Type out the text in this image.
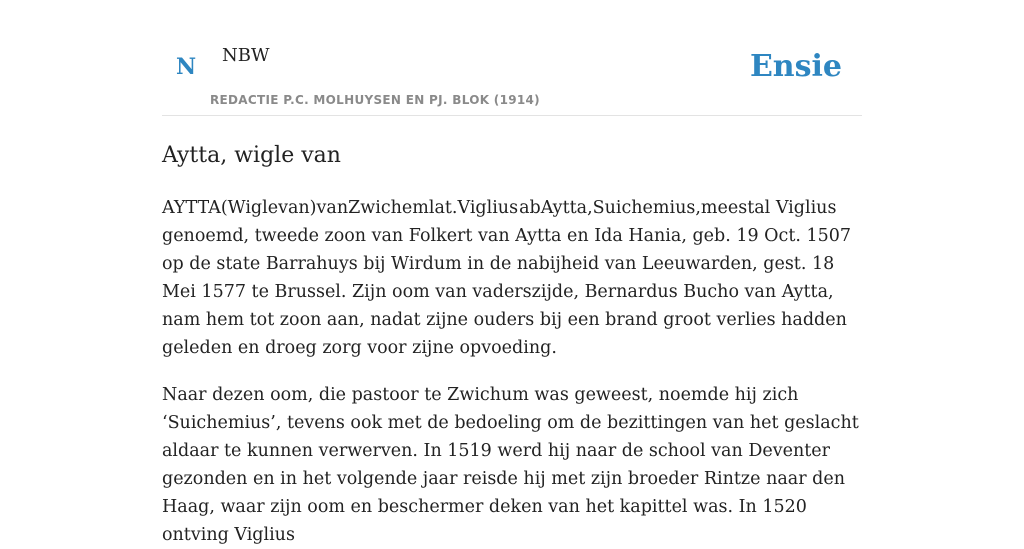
N NBW
REDACTIE P.C. MOLHUYSEN EN PJ. BLOK (1914)
Ensie
Aytta, wigle van

AYTTA(Wiglevan)vanZwichemlat.Viglius abAytta,Suichemius,meestal Viglius genoemd, tweede zoon van Folkert van Aytta en Ida Hania, geb. 19 Oct. 1507 op de state Barrahuys bij Wirdum in de nabijheid van Leeuwarden, gest. 18 Mei 1577 te Brussel. Zijn oom van vaderszijde, Bernardus Bucho van Aytta, nam hem tot zoon aan, nadat zijne ouders bij een brand groot verlies hadden geleden en droeg zorg voor zijne opvoeding.

Naar dezen oom, die pastoor te Zwichum was geweest, noemde hij zich ‘Suichemius’, tevens ook met de bedoeling om de bezittingen van het geslacht aldaar te kunnen verwerven. In 1519 werd hij naar de school van Deventer gezonden en in het volgende jaar reisde hij met zijn broeder Rintze naar den Haag, waar zijn oom en beschermer deken van het kapittel was. In 1520 ontving Viglius
